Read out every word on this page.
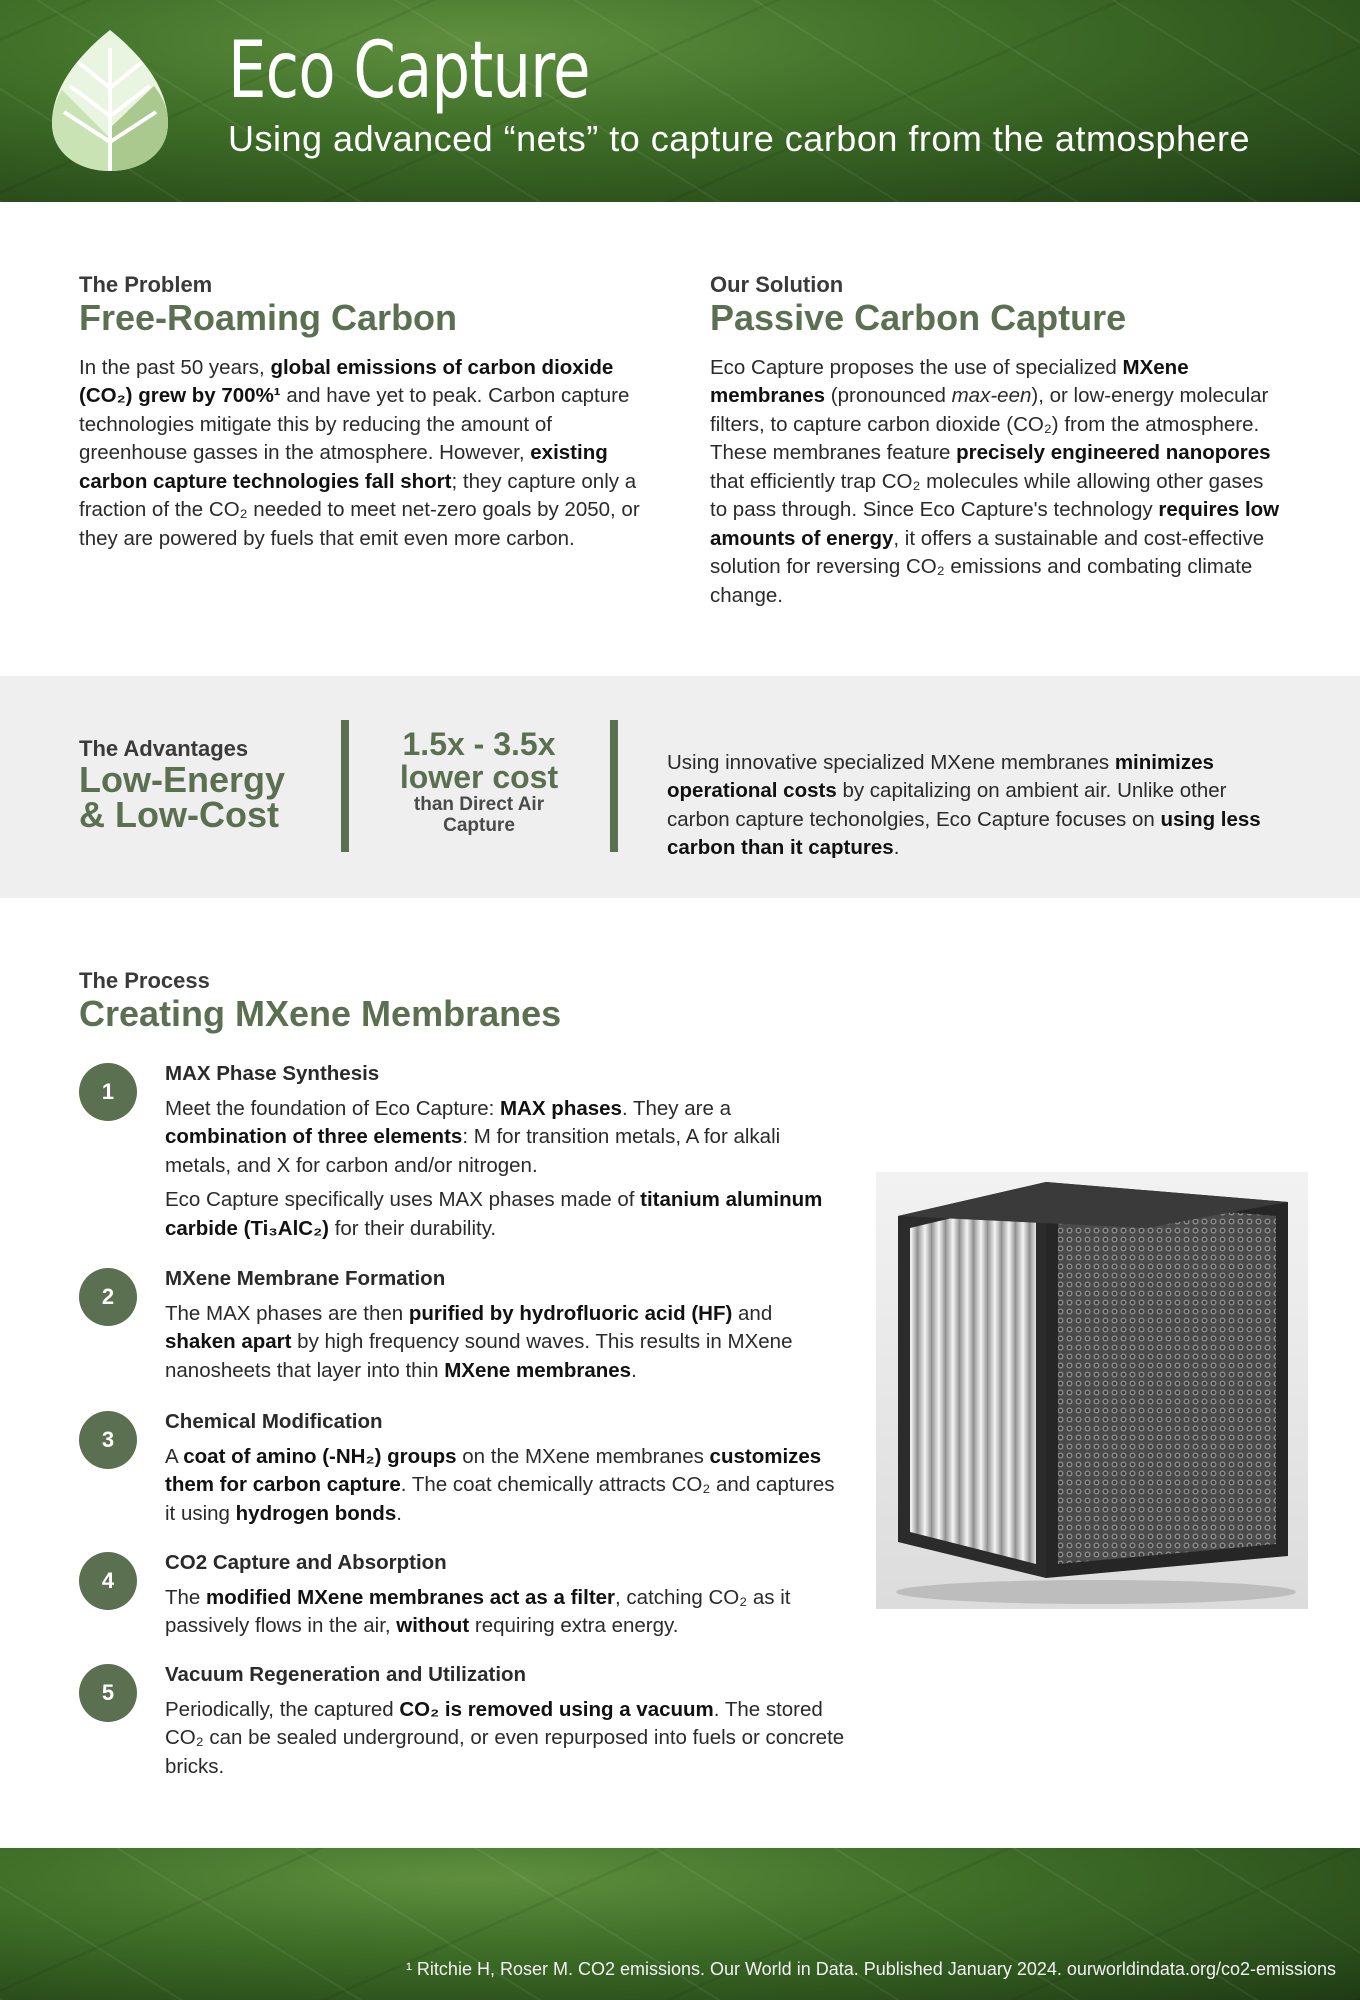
Eco Capture

Using advanced “nets” to capture carbon from the atmosphere

The Problem

Free-Roaming Carbon

In the past 50 years, global emissions of carbon dioxide (CO₂) grew by 700%¹ and have yet to peak. Carbon capture technologies mitigate this by reducing the amount of greenhouse gasses in the atmosphere. However, existing carbon capture technologies fall short; they capture only a fraction of the CO₂ needed to meet net-zero goals by 2050, or they are powered by fuels that emit even more carbon.

Our Solution

Passive Carbon Capture

Eco Capture proposes the use of specialized MXene membranes (pronounced max-een), or low-energy molecular filters, to capture carbon dioxide (CO₂) from the atmosphere. These membranes feature precisely engineered nanopores that efficiently trap CO₂ molecules while allowing other gases to pass through. Since Eco Capture's technology requires low amounts of energy, it offers a sustainable and cost-effective solution for reversing CO₂ emissions and combating climate change.

The Advantages

Low-Energy
& Low-Cost
1.5x - 3.5x
lower cost
than Direct Air
Capture

Using innovative specialized MXene membranes minimizes operational costs by capitalizing on ambient air. Unlike other carbon capture techonolgies, Eco Capture focuses on using less carbon than it captures.

The Process

Creating MXene Membranes
1

MAX Phase Synthesis

Meet the foundation of Eco Capture: MAX phases. They are a combination of three elements: M for transition metals, A for alkali metals, and X for carbon and/or nitrogen.

Eco Capture specifically uses MAX phases made of titanium aluminum carbide (Ti₃AlC₂) for their durability.

2

MXene Membrane Formation

The MAX phases are then purified by hydrofluoric acid (HF) and shaken apart by high frequency sound waves. This results in MXene nanosheets that layer into thin MXene membranes.

3

Chemical Modification

A coat of amino (-NH₂) groups on the MXene membranes customizes them for carbon capture. The coat chemically attracts CO₂ and captures it using hydrogen bonds.

4

CO2 Capture and Absorption

The modified MXene membranes act as a filter, catching CO₂ as it passively flows in the air, without requiring extra energy.

5

Vacuum Regeneration and Utilization

Periodically, the captured CO₂ is removed using a vacuum. The stored CO₂ can be sealed underground, or even repurposed into fuels or concrete bricks.

¹ Ritchie H, Roser M. CO2 emissions. Our World in Data. Published January 2024. ourworldindata.org/co2-emissions
